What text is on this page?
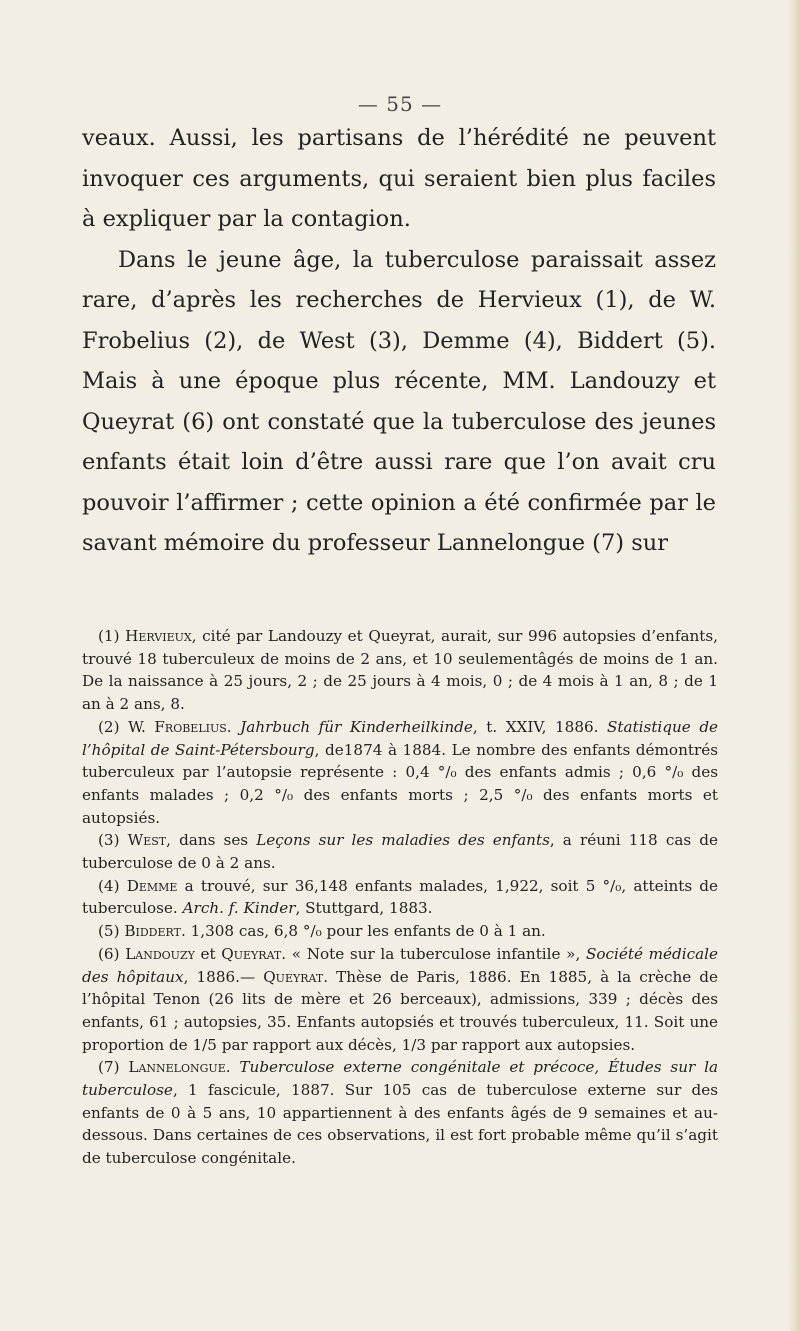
— 55 —

veaux. Aussi, les partisans de l’hérédité ne peuvent invoquer ces arguments, qui seraient bien plus faciles à expliquer par la contagion.

Dans le jeune âge, la tuberculose paraissait assez rare, d’après les recherches de Hervieux (1), de W. Frobelius (2), de West (3), Demme (4), Biddert (5). Mais à une époque plus récente, MM. Landouzy et Queyrat (6) ont constaté que la tuberculose des jeunes enfants était loin d’être aussi rare que l’on avait cru pouvoir l’affirmer ; cette opinion a été confirmée par le savant mémoire du professeur Lannelongue (7) sur

(1) Hervieux, cité par Landouzy et Queyrat, aurait, sur 996 autopsies d’enfants, trouvé 18 tuberculeux de moins de 2 ans, et 10 seulementâgés de moins de 1 an. De la naissance à 25 jours, 2 ; de 25 jours à 4 mois, 0 ; de 4 mois à 1 an, 8 ; de 1 an à 2 ans, 8.

(2) W. Frobelius. Jahrbuch für Kinderheilkinde, t. XXIV, 1886. Statistique de l’hôpital de Saint-Pétersbourg, de1874 à 1884. Le nombre des enfants démontrés tuberculeux par l’autopsie représente : 0,4 °/₀ des enfants admis ; 0,6 °/₀ des enfants malades ; 0,2 °/₀ des enfants morts ; 2,5 °/₀ des enfants morts et autopsiés.

(3) West, dans ses Leçons sur les maladies des enfants, a réuni 118 cas de tuberculose de 0 à 2 ans.

(4) Demme a trouvé, sur 36,148 enfants malades, 1,922, soit 5 °/₀, atteints de tuberculose. Arch. f. Kinder, Stuttgard, 1883.

(5) Biddert. 1,308 cas, 6,8 °/₀ pour les enfants de 0 à 1 an.

(6) Landouzy et Queyrat. « Note sur la tuberculose infantile », Société médicale des hôpitaux, 1886.— Queyrat. Thèse de Paris, 1886. En 1885, à la crèche de l’hôpital Tenon (26 lits de mère et 26 berceaux), admissions, 339 ; décès des enfants, 61 ; autopsies, 35. Enfants autopsiés et trouvés tuberculeux, 11. Soit une proportion de 1/5 par rapport aux décès, 1/3 par rapport aux autopsies.

(7) Lannelongue. Tuberculose externe congénitale et précoce, Études sur la tuberculose, 1 fascicule, 1887. Sur 105 cas de tuberculose externe sur des enfants de 0 à 5 ans, 10 appartiennent à des enfants âgés de 9 semaines et au-dessous. Dans certaines de ces observations, il est fort probable même qu’il s’agit de tuberculose congénitale.
